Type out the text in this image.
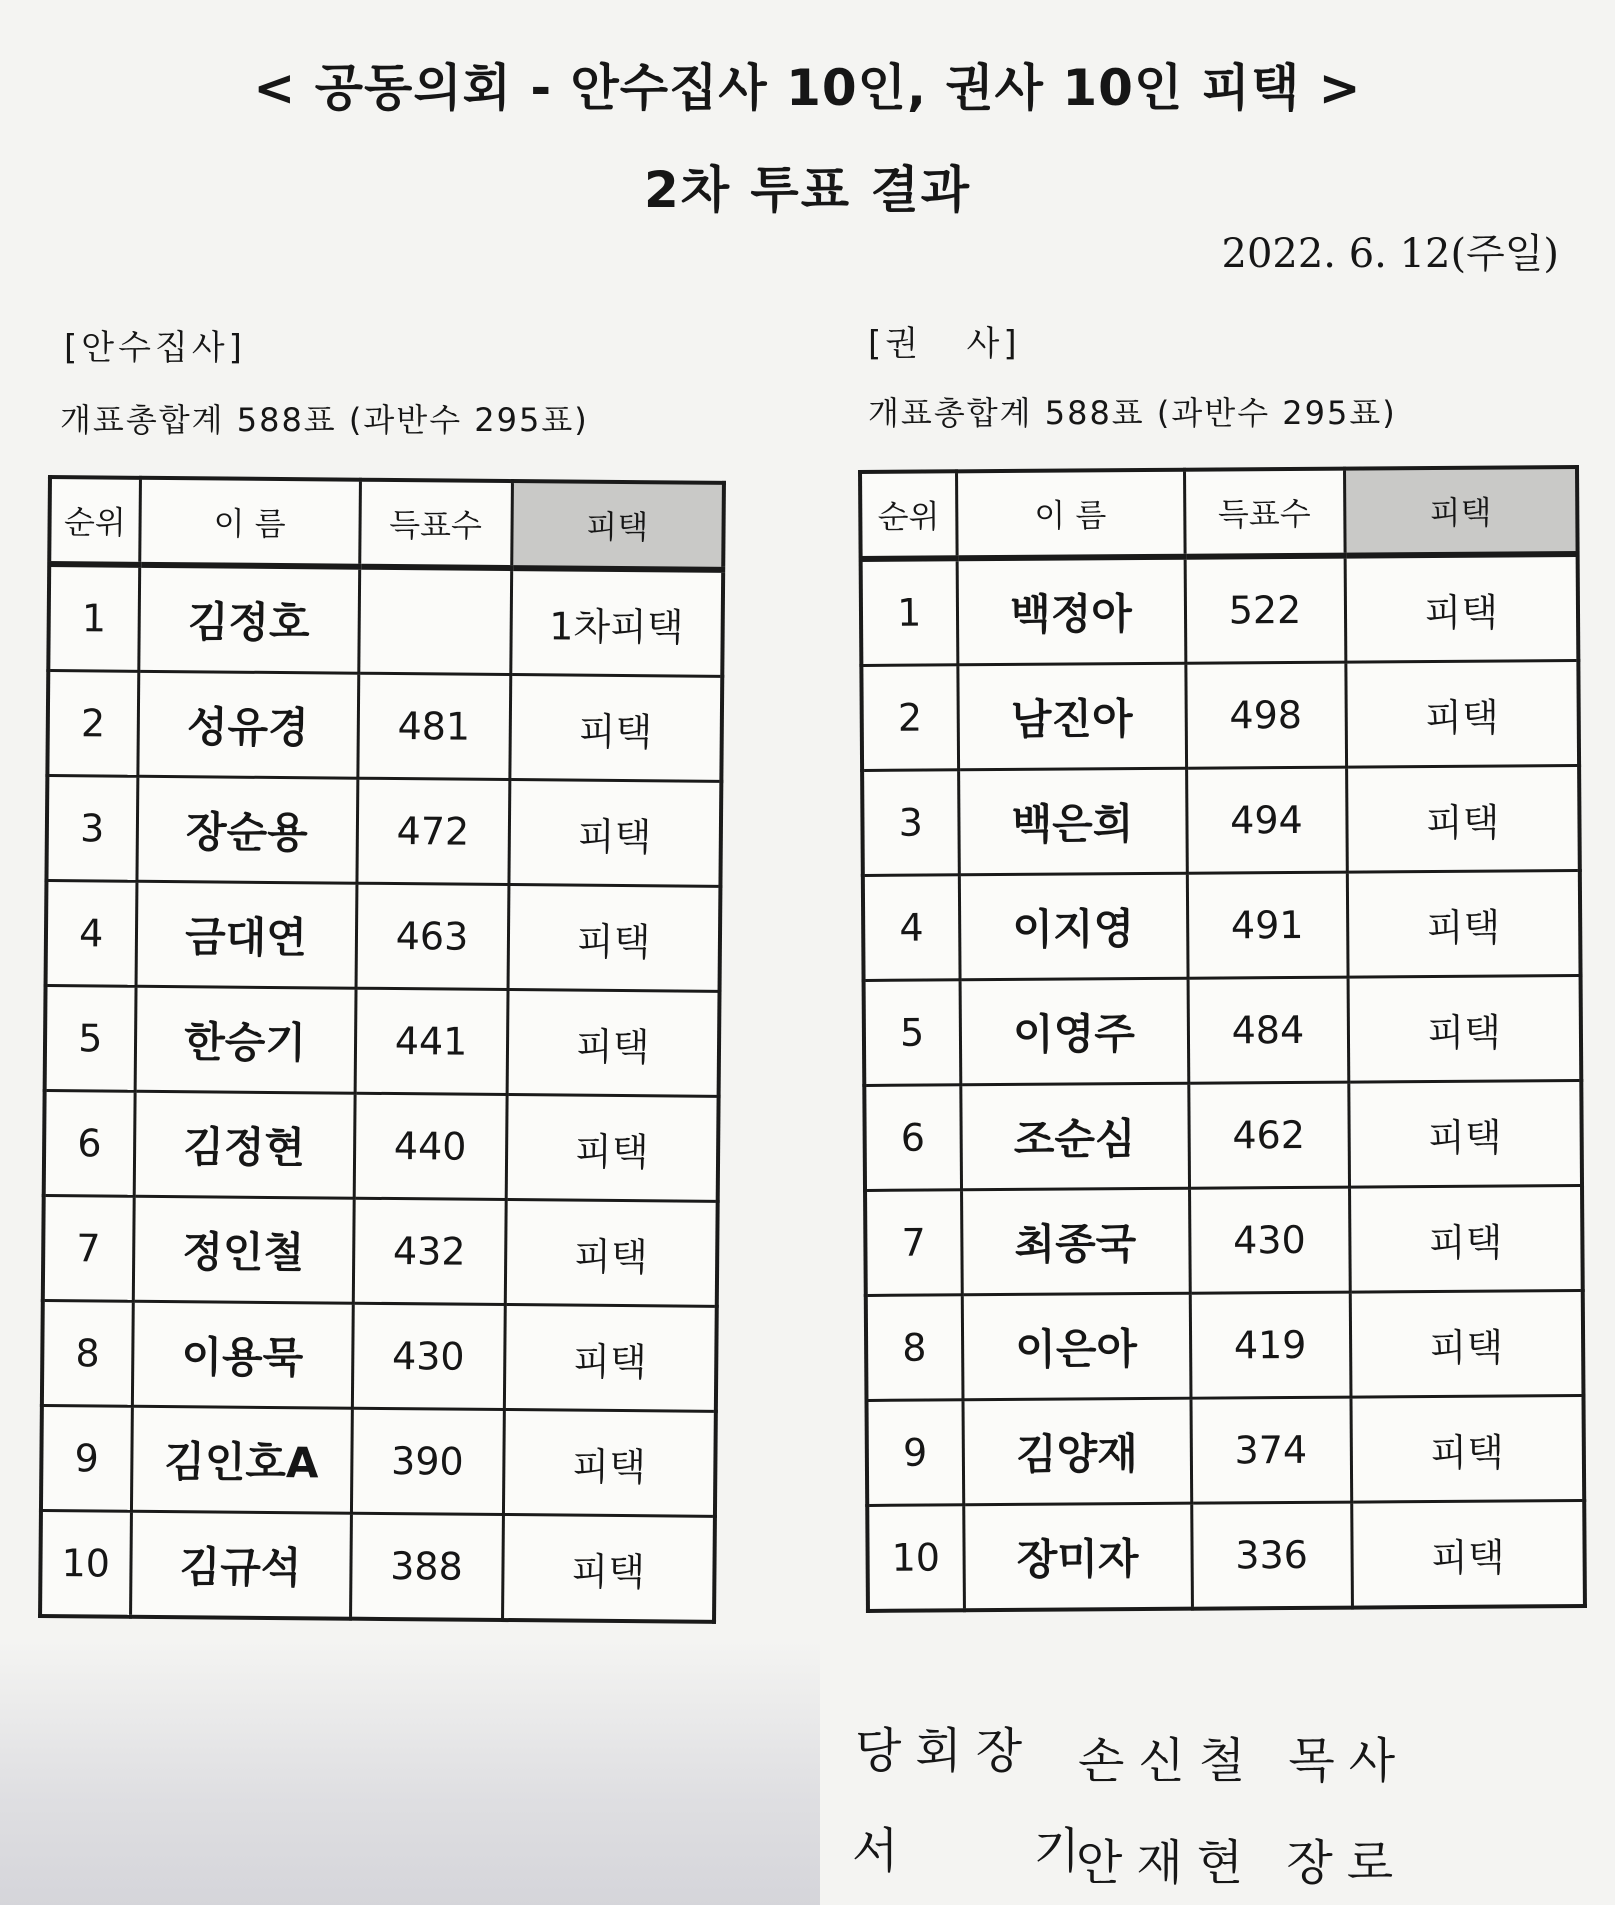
< 공동의회 - 안수집사 10인, 권사 10인 피택 >
2차 투표 결과
2022. 6. 12(주일)
[안수집사]
개표총합계 588표 (과반수 295표)
[권   사]
개표총합계 588표 (과반수 295표)
순위	이 름	득표수	피택
1	김정호		1차피택
2	성유경	481	피택
3	장순용	472	피택
4	금대연	463	피택
5	한승기	441	피택
6	김정현	440	피택
7	정인철	432	피택
8	이용묵	430	피택
9	김인호A	390	피택
10	김규석	388	피택
순위	이 름	득표수	피택
1	백정아	522	피택
2	남진아	498	피택
3	백은희	494	피택
4	이지영	491	피택
5	이영주	484	피택
6	조순심	462	피택
7	최종국	430	피택
8	이은아	419	피택
9	김양재	374	피택
10	장미자	336	피택
당회장 손신철 목사
서 기
안재현 장로
